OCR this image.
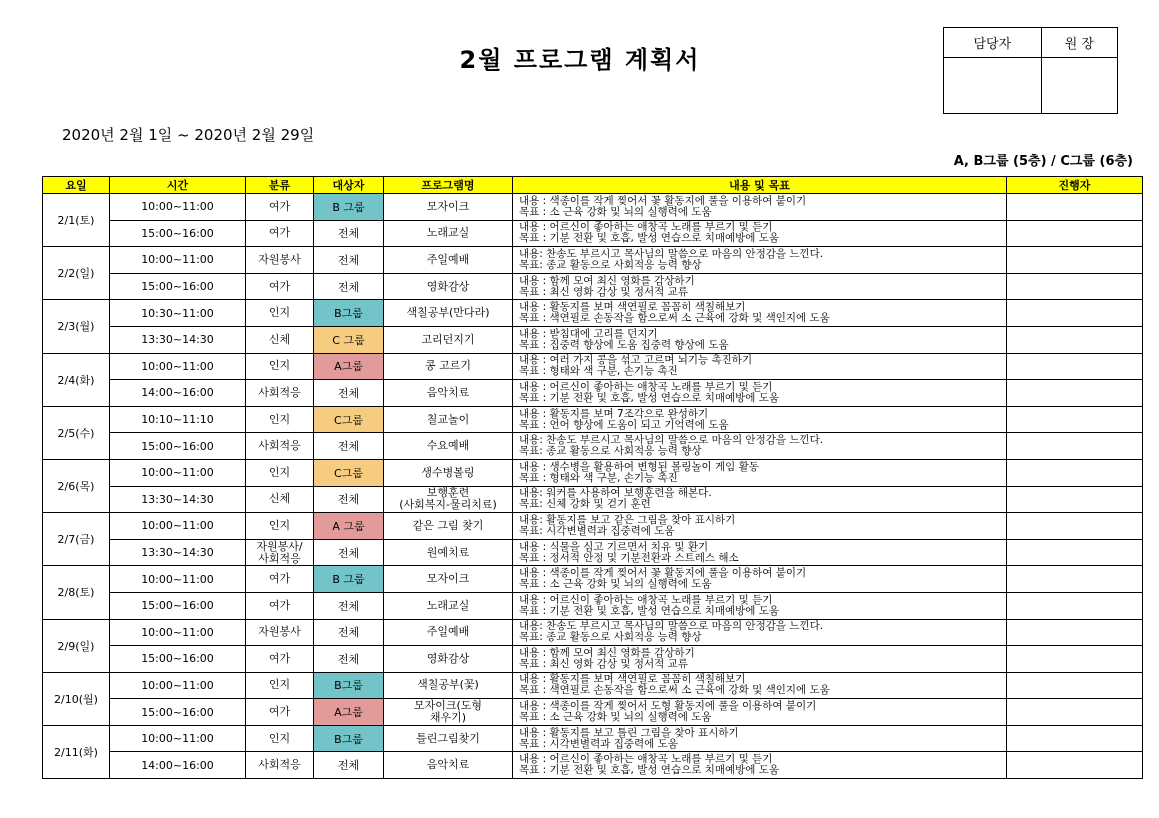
2월 프로그램 계획서
담당자	원 장

2020년 2월 1일 ~ 2020년 2월 29일
A, B그룹 (5층) / C그룹 (6층)
요일	시간	분류	대상자	프로그램명	내용 및 목표	진행자
2/1(토)	10:00~11:00	여가	B 그룹	모자이크	내용 : 색종이를 작게 찢어서 꽃 활동지에 풀을 이용하여 붙이기
목표 : 소 근육 강화 및 뇌의 실행력에 도움	

	15:00~16:00	여가	전체	노래교실	내용 : 어르신이 좋아하는 애창곡 노래를 부르기 및 듣기
목표 : 기분 전환 및 호흡, 발성 연습으로 치매예방에 도움	

2/2(일)	10:00~11:00	자원봉사	전체	주일예배	내용: 찬송도 부르시고 목사님의 말씀으로 마음의 안정감을 느낀다.
목표: 종교 활동으로 사회적응 능력 향상	

	15:00~16:00	여가	전체	영화감상	내용 : 함께 모여 최신 영화를 감상하기
목표 : 최신 영화 감상 및 정서적 교류	

2/3(월)	10:30~11:00	인지	B그룹	색칠공부(만다라)	내용 : 활동지를 보며 색연필로 꼼꼼히 색칠해보기
목표 : 색연필로 손동작을 함으로써 소 근육에 강화 및 색인지에 도움	

	13:30~14:30	신체	C 그룹	고리던지기	내용 : 받침대에 고리를 던지기
목표 : 집중력 향상에 도움 집중력 향상에 도움	

2/4(화)	10:00~11:00	인지	A그룹	콩 고르기	내용 : 여러 가지 콩을 섞고 고르며 뇌기능 촉진하기
목표 : 형태와 색 구분, 손기능 촉진	

	14:00~16:00	사회적응	전체	음악치료	내용 : 어르신이 좋아하는 애창곡 노래를 부르기 및 듣기
목표 : 기분 전환 및 호흡, 발성 연습으로 치매예방에 도움	

2/5(수)	10:10~11:10	인지	C그룹	칠교놀이	내용 : 활동지를 보며 7조각으로 완성하기
목표 : 언어 향상에 도움이 되고 기억력에 도움	

	15:00~16:00	사회적응	전체	수요예배	내용: 찬송도 부르시고 목사님의 말씀으로 마음의 안정감을 느낀다.
목표: 종교 활동으로 사회적응 능력 향상	

2/6(목)	10:00~11:00	인지	C그룹	생수병볼링	내용 : 생수병을 활용하여 변형된 볼링놀이 게임 활동
목표 : 형태와 색 구분, 손기능 촉진	

	13:30~14:30	신체	전체	보행훈련
(사회복지-물리치료)	내용: 워커를 사용하여 보행훈련을 해본다.
목표: 신체 강화 및 걷기 훈련	

2/7(금)	10:00~11:00	인지	A 그룹	같은 그림 찾기	내용: 활동지를 보고 같은 그림을 찾아 표시하기
목표: 시각변별력과 집중력에 도움	

	13:30~14:30	자원봉사/
사회적응	전체	원예치료	내용 : 식물을 심고 기르면서 치유 및 환기
목표 : 정서적 안정 및 기분전환과 스트레스 해소	

2/8(토)	10:00~11:00	여가	B 그룹	모자이크	내용 : 색종이를 작게 찢어서 꽃 활동지에 풀을 이용하여 붙이기
목표 : 소 근육 강화 및 뇌의 실행력에 도움	

	15:00~16:00	여가	전체	노래교실	내용 : 어르신이 좋아하는 애창곡 노래를 부르기 및 듣기
목표 : 기분 전환 및 호흡, 발성 연습으로 치매예방에 도움	

2/9(일)	10:00~11:00	자원봉사	전체	주일예배	내용: 찬송도 부르시고 목사님의 말씀으로 마음의 안정감을 느낀다.
목표: 종교 활동으로 사회적응 능력 향상	

	15:00~16:00	여가	전체	영화감상	내용 : 함께 모여 최신 영화를 감상하기
목표 : 최신 영화 감상 및 정서적 교류	

2/10(월)	10:00~11:00	인지	B그룹	색칠공부(꽃)	내용 : 활동지를 보며 색연필로 꼼꼼히 색칠해보기
목표 : 색연필로 손동작을 함으로써 소 근육에 강화 및 색인지에 도움	

	15:00~16:00	여가	A그룹	모자이크(도형
채우기)	내용 : 색종이를 작게 찢어서 도형 활동지에 풀을 이용하여 붙이기
목표 : 소 근육 강화 및 뇌의 실행력에 도움	

2/11(화)	10:00~11:00	인지	B그룹	틀린그림찾기	내용 : 활동지를 보고 틀린 그림을 찾아 표시하기
목표 : 시각변별력과 집중력에 도움	

	14:00~16:00	사회적응	전체	음악치료	내용 : 어르신이 좋아하는 애창곡 노래를 부르기 및 듣기
목표 : 기분 전환 및 호흡, 발성 연습으로 치매예방에 도움	
